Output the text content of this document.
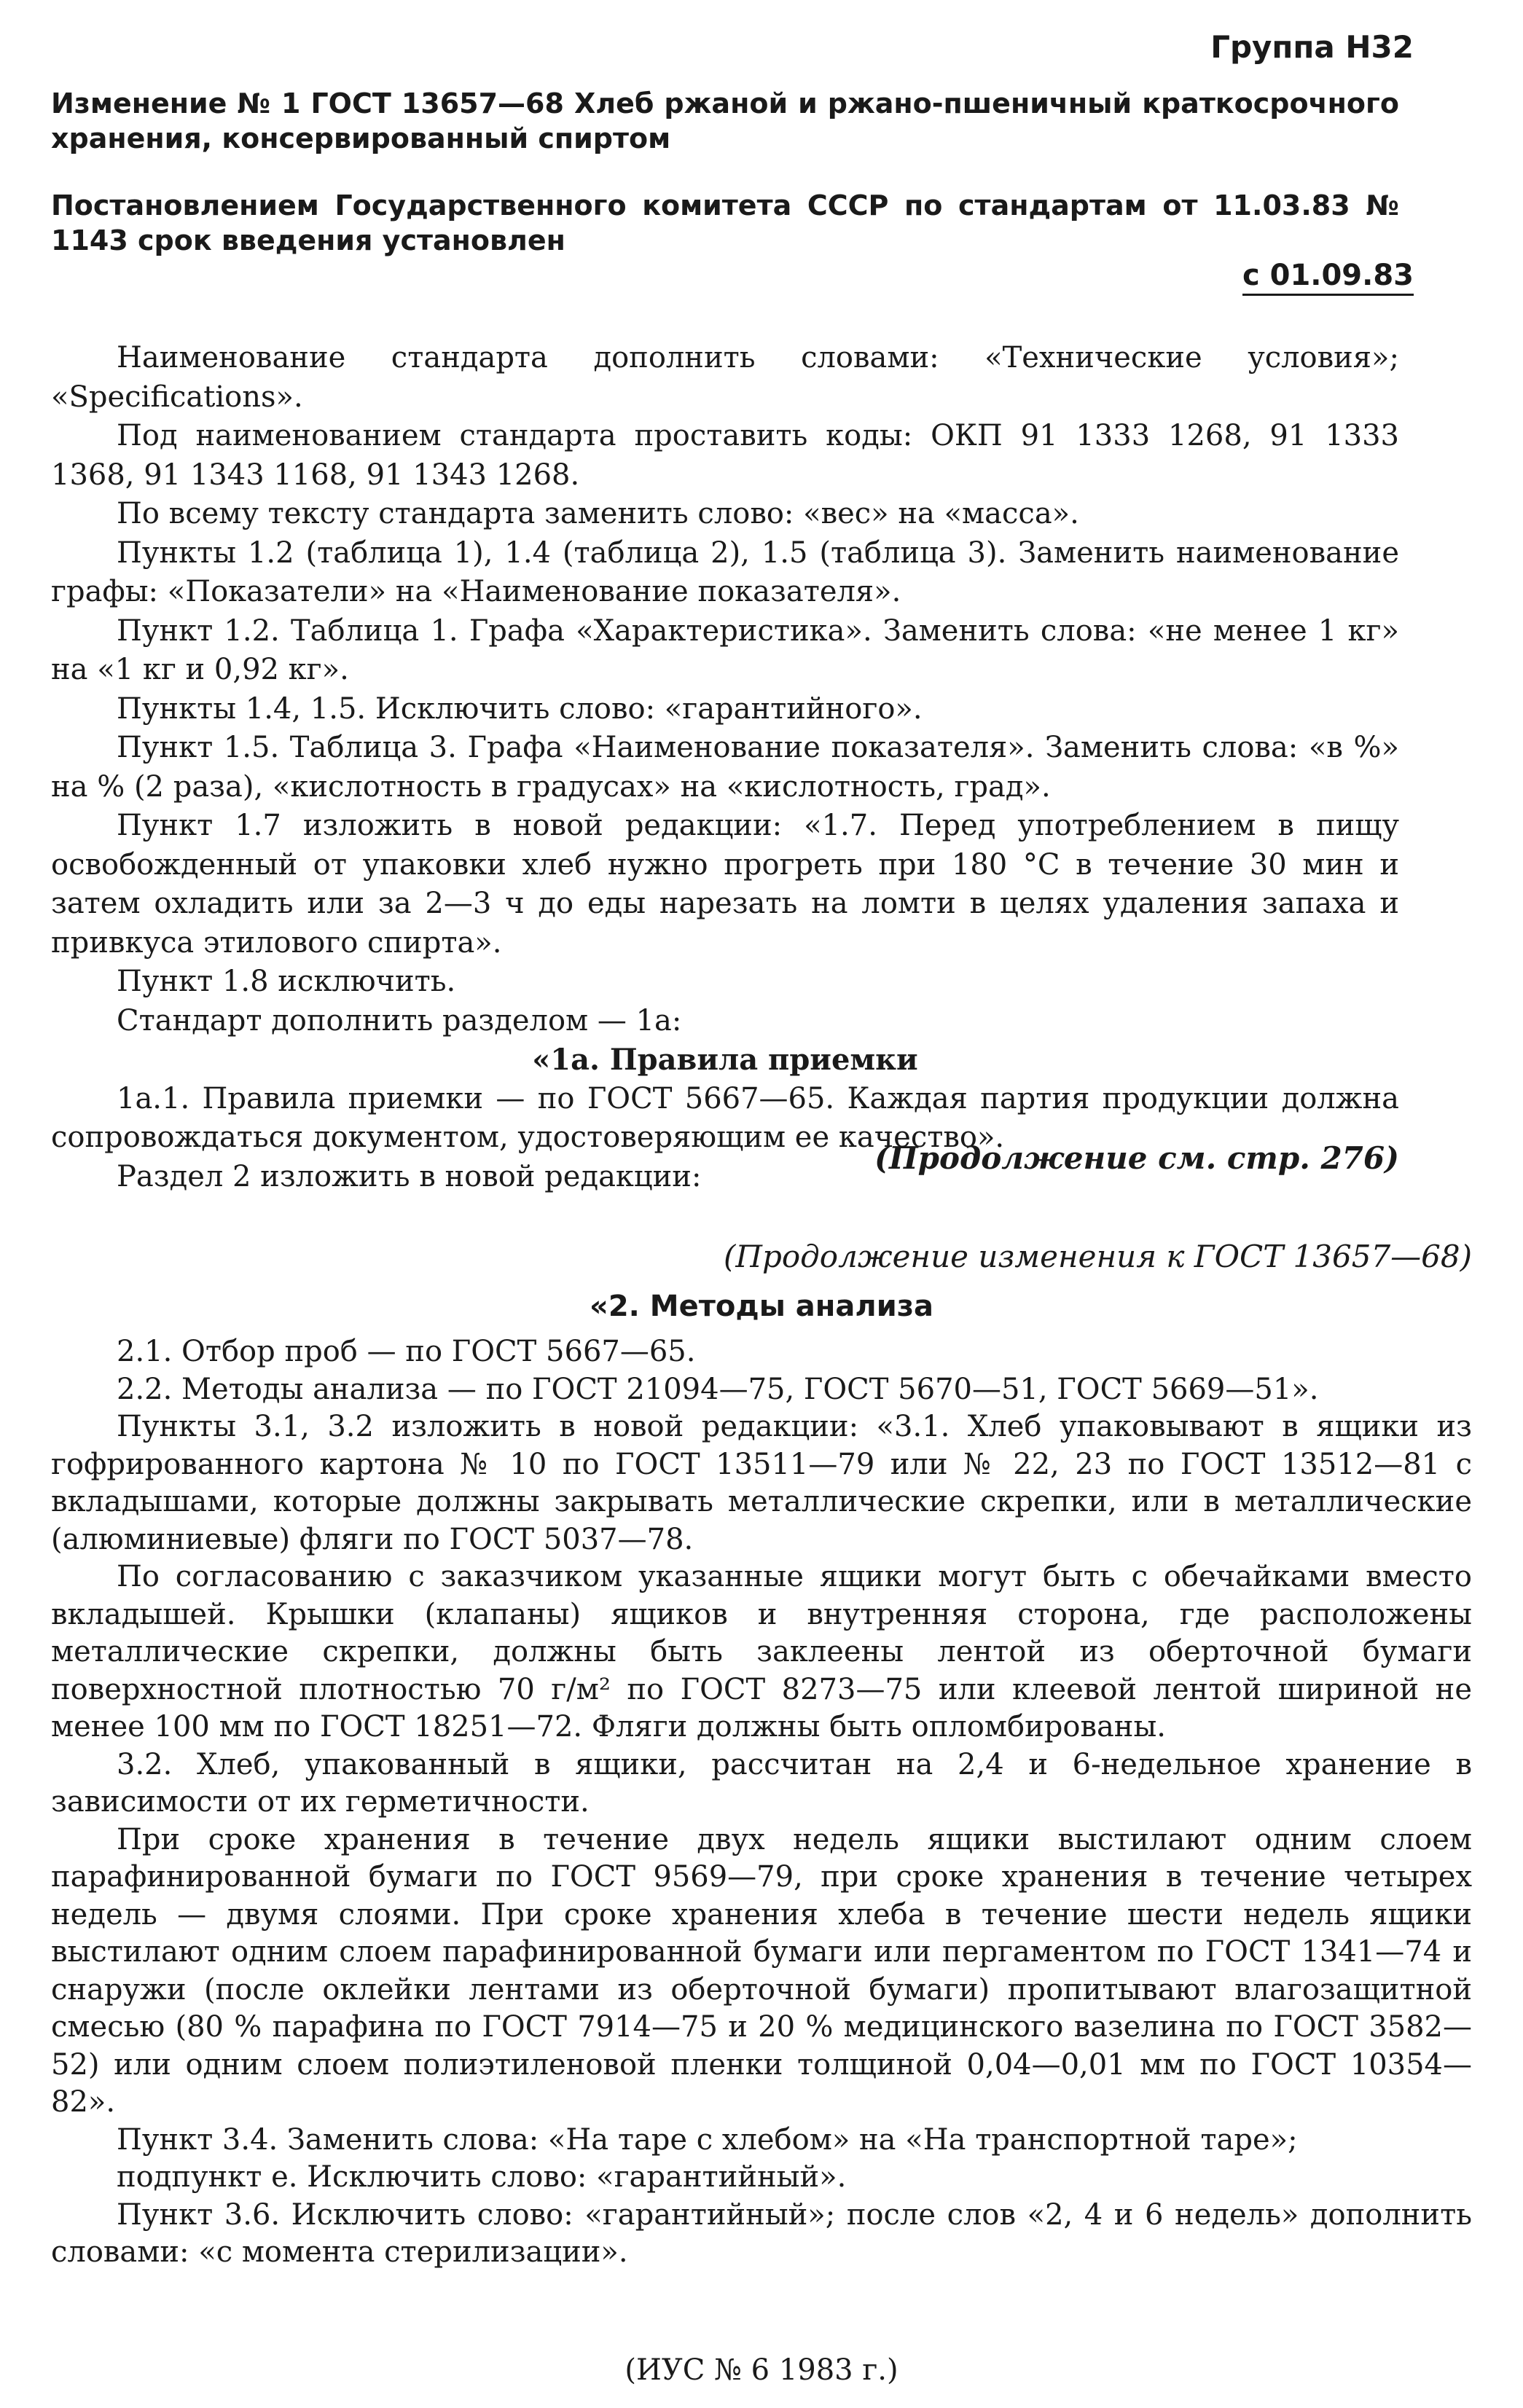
Группа Н32
Изменение № 1 ГОСТ 13657—68 Хлеб ржаной и ржано-пшеничный краткосрочного хранения, консервированный спиртом
Постановлением Государственного комитета СССР по стандартам от 11.03.83 № 1143 срок введения установлен
с 01.09.83

Наименование стандарта дополнить словами: «Технические условия»; «Specifications».

Под наименованием стандарта проставить коды: ОКП 91 1333 1268, 91 1333 1368, 91 1343 1168, 91 1343 1268.

По всему тексту стандарта заменить слово: «вес» на «масса».

Пункты 1.2 (таблица 1), 1.4 (таблица 2), 1.5 (таблица 3). Заменить наименование графы: «Показатели» на «Наименование показателя».

Пункт 1.2. Таблица 1. Графа «Характеристика». Заменить слова: «не менее 1 кг» на «1 кг и 0,92 кг».

Пункты 1.4, 1.5. Исключить слово: «гарантийного».

Пункт 1.5. Таблица 3. Графа «Наименование показателя». Заменить слова: «в %» на % (2 раза), «кислотность в градусах» на «кислотность, град».

Пункт 1.7 изложить в новой редакции: «1.7. Перед употреблением в пищу освобожденный от упаковки хлеб нужно прогреть при 180 °С в течение 30 мин и затем охладить или за 2—3 ч до еды нарезать на ломти в целях удаления запаха и привкуса этилового спирта».

Пункт 1.8 исключить.

Стандарт дополнить разделом — 1а:

«1а. Правила приемки

1а.1. Правила приемки — по ГОСТ 5667—65. Каждая партия продукции должна сопровождаться документом, удостоверяющим ее качество».

Раздел 2 изложить в новой редакции:

(Продолжение см. стр. 276)
(Продолжение изменения к ГОСТ 13657—68)
«2. Методы анализа

2.1. Отбор проб — по ГОСТ 5667—65.

2.2. Методы анализа — по ГОСТ 21094—75, ГОСТ 5670—51, ГОСТ 5669—51».

Пункты 3.1, 3.2 изложить в новой редакции: «3.1. Хлеб упаковывают в ящики из гофрированного картона № 10 по ГОСТ 13511—79 или № 22, 23 по ГОСТ 13512—81 с вкладышами, которые должны закрывать металлические скрепки, или в металлические (алюминиевые) фляги по ГОСТ 5037—78.

По согласованию с заказчиком указанные ящики могут быть с обечайками вместо вкладышей. Крышки (клапаны) ящиков и внутренняя сторона, где расположены металлические скрепки, должны быть заклеены лентой из оберточной бумаги поверхностной плотностью 70 г/м² по ГОСТ 8273—75 или клеевой лентой шириной не менее 100 мм по ГОСТ 18251—72. Фляги должны быть опломбированы.

3.2. Хлеб, упакованный в ящики, рассчитан на 2,4 и 6-недельное хранение в зависимости от их герметичности.

При сроке хранения в течение двух недель ящики выстилают одним слоем парафинированной бумаги по ГОСТ 9569—79, при сроке хранения в течение четырех недель — двумя слоями. При сроке хранения хлеба в течение шести недель ящики выстилают одним слоем парафинированной бумаги или пергаментом по ГОСТ 1341—74 и снаружи (после оклейки лентами из оберточной бумаги) пропитывают влагозащитной смесью (80 % парафина по ГОСТ 7914—75 и 20 % медицинского вазелина по ГОСТ 3582—52) или одним слоем полиэтиленовой пленки толщиной 0,04—0,01 мм по ГОСТ 10354—82».

Пункт 3.4. Заменить слова: «На таре с хлебом» на «На транспортной таре»;

подпункт е. Исключить слово: «гарантийный».

Пункт 3.6. Исключить слово: «гарантийный»; после слов «2, 4 и 6 недель» дополнить словами: «с момента стерилизации».

(ИУС № 6 1983 г.)
